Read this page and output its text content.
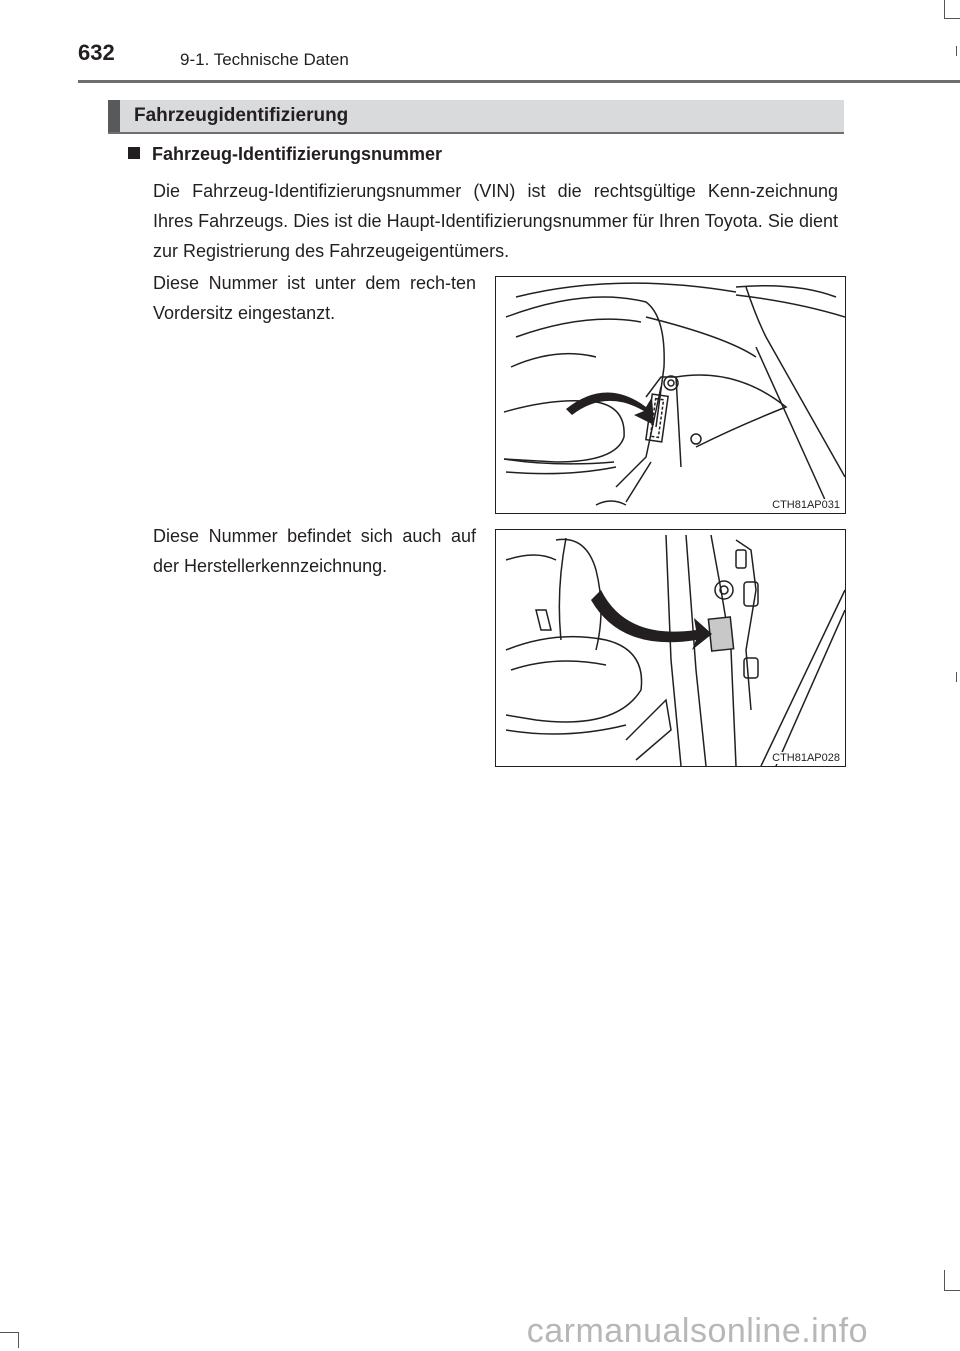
632	9-1. Technische Daten
Fahrzeugidentifizierung
Fahrzeug-Identifizierungsnummer

Die Fahrzeug-Identifizierungsnummer (VIN) ist die rechtsgültige Kenn-zeichnung Ihres Fahrzeugs. Dies ist die Haupt-Identifizierungsnummer für Ihren Toyota. Sie dient zur Registrierung des Fahrzeugeigentümers.

Diese Nummer ist unter dem rech-ten Vordersitz eingestanzt.

Diese Nummer befindet sich auch auf der Herstellerkennzeichnung.

CTH81AP031
CTH81AP028
carmanualsonline.info
